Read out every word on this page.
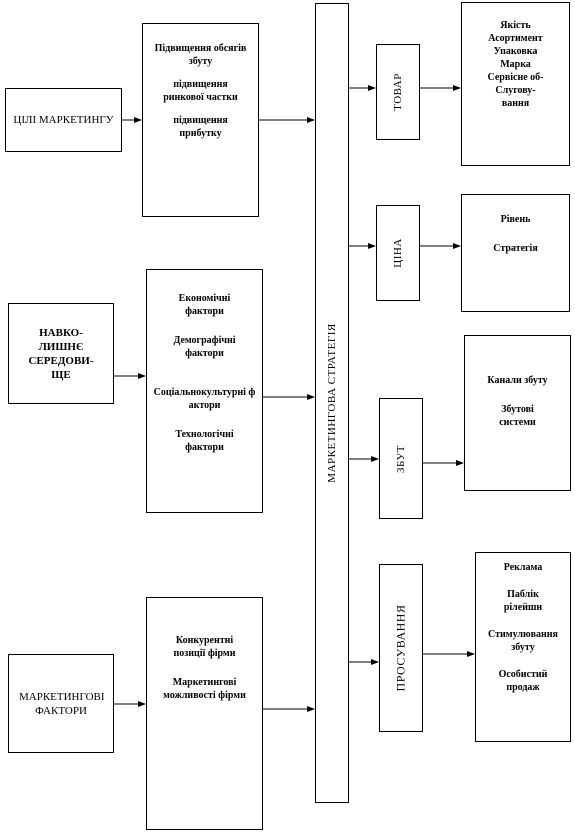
ЦІЛІ МАРКЕТИНГУ
НАВКО-ЛИШНЄ СЕРЕДОВИ-ЩЕ
МАРКЕТИНГОВІ ФАКТОРИ
Підвищення обсягів збуту
підвищення ринкової частки
підвищення прибутку
Економічні фактори
Демографічні фактори
Соціальнокультурні фактори
Технологічні фактори
Конкурентні позиції фірми
Маркетингові можливості фірми
МАРКЕТИНГОВА СТРАТЕГІЯ
ТОВАР
ЦІНА
ЗБУТ
ПРОСУВАННЯ
Якість
Асортимент
Упаковка
Марка
Сервісне об-
Слугову-
вання
Рівень
Стратегія
Канали збуту
Збутові системи
Реклама
Паблік рілейшн
Стимулювання збуту
Особистий продаж
